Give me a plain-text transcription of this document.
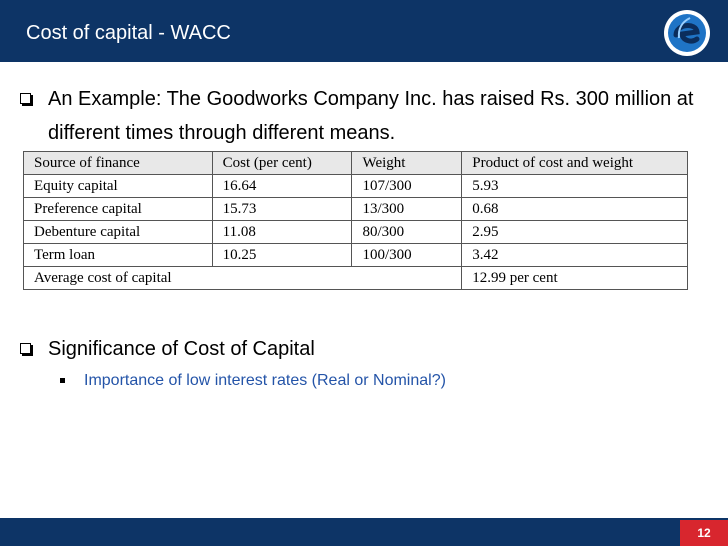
Cost of capital - WACC
An Example: The Goodworks Company Inc. has raised Rs. 300 million at
different times through different means.
Source of finance	Cost (per cent)	Weight	Product of cost and weight
Equity capital	16.64	107/300	5.93
Preference capital	15.73	13/300	0.68
Debenture capital	11.08	80/300	2.95
Term loan	10.25	100/300	3.42
Average cost of capital			12.99 per cent
Significance of Cost of Capital
Importance of low interest rates (Real or Nominal?)
12
